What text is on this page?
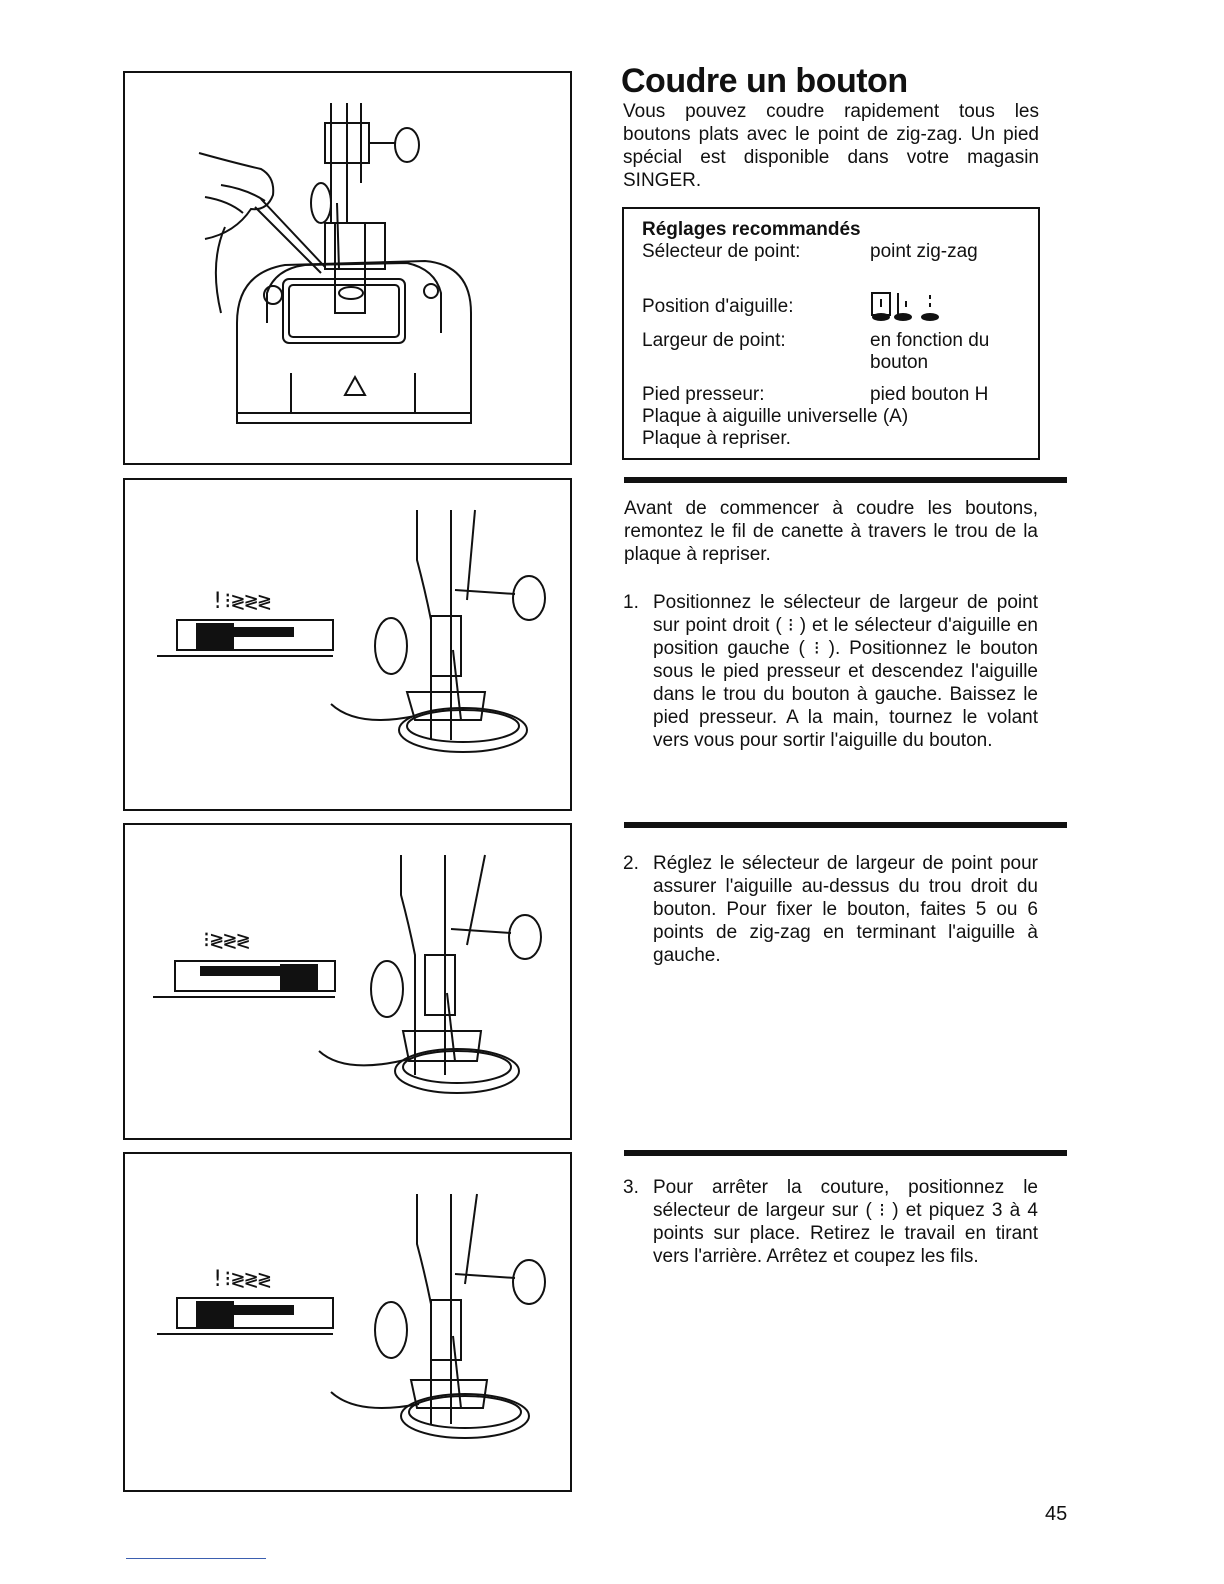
!⁝≷≷≷
⁝≷≷≷
!⁝≷≷≷
Coudre un bouton

Vous pouvez coudre rapidement tous les boutons plats avec le point de zig-zag. Un pied spécial est disponible dans votre magasin SINGER.

Réglages recommandés
Sélecteur de point:	point zig-zag
Position d'aiguille:
Largeur de point:	en fonction du bouton
Pied presseur:	pied bouton H
Plaque à aiguille universelle (A)
Plaque à repriser.

Avant de commencer à coudre les boutons, remontez le fil de canette à travers le trou de la plaque à repriser.

1. Positionnez le sélecteur de largeur de point sur point droit ( ⁝ ) et le sélecteur d'aiguille en position gauche ( ⁝ ). Positionnez le bouton sous le pied presseur et descendez l'aiguille dans le trou du bouton à gauche. Baissez le pied presseur. A la main, tournez le volant vers vous pour sortir l'aiguille du bouton.

2. Réglez le sélecteur de largeur de point pour assurer l'aiguille au-dessus du trou droit du bouton. Pour fixer le bouton, faites 5 ou 6 points de zig-zag en terminant l'aiguille à gauche.

3. Pour arrêter la couture, positionnez le sélecteur de largeur sur ( ⁝ ) et piquez 3 à 4 points sur place. Retirez le travail en tirant vers l'arrière. Arrêtez et coupez les fils.

45
